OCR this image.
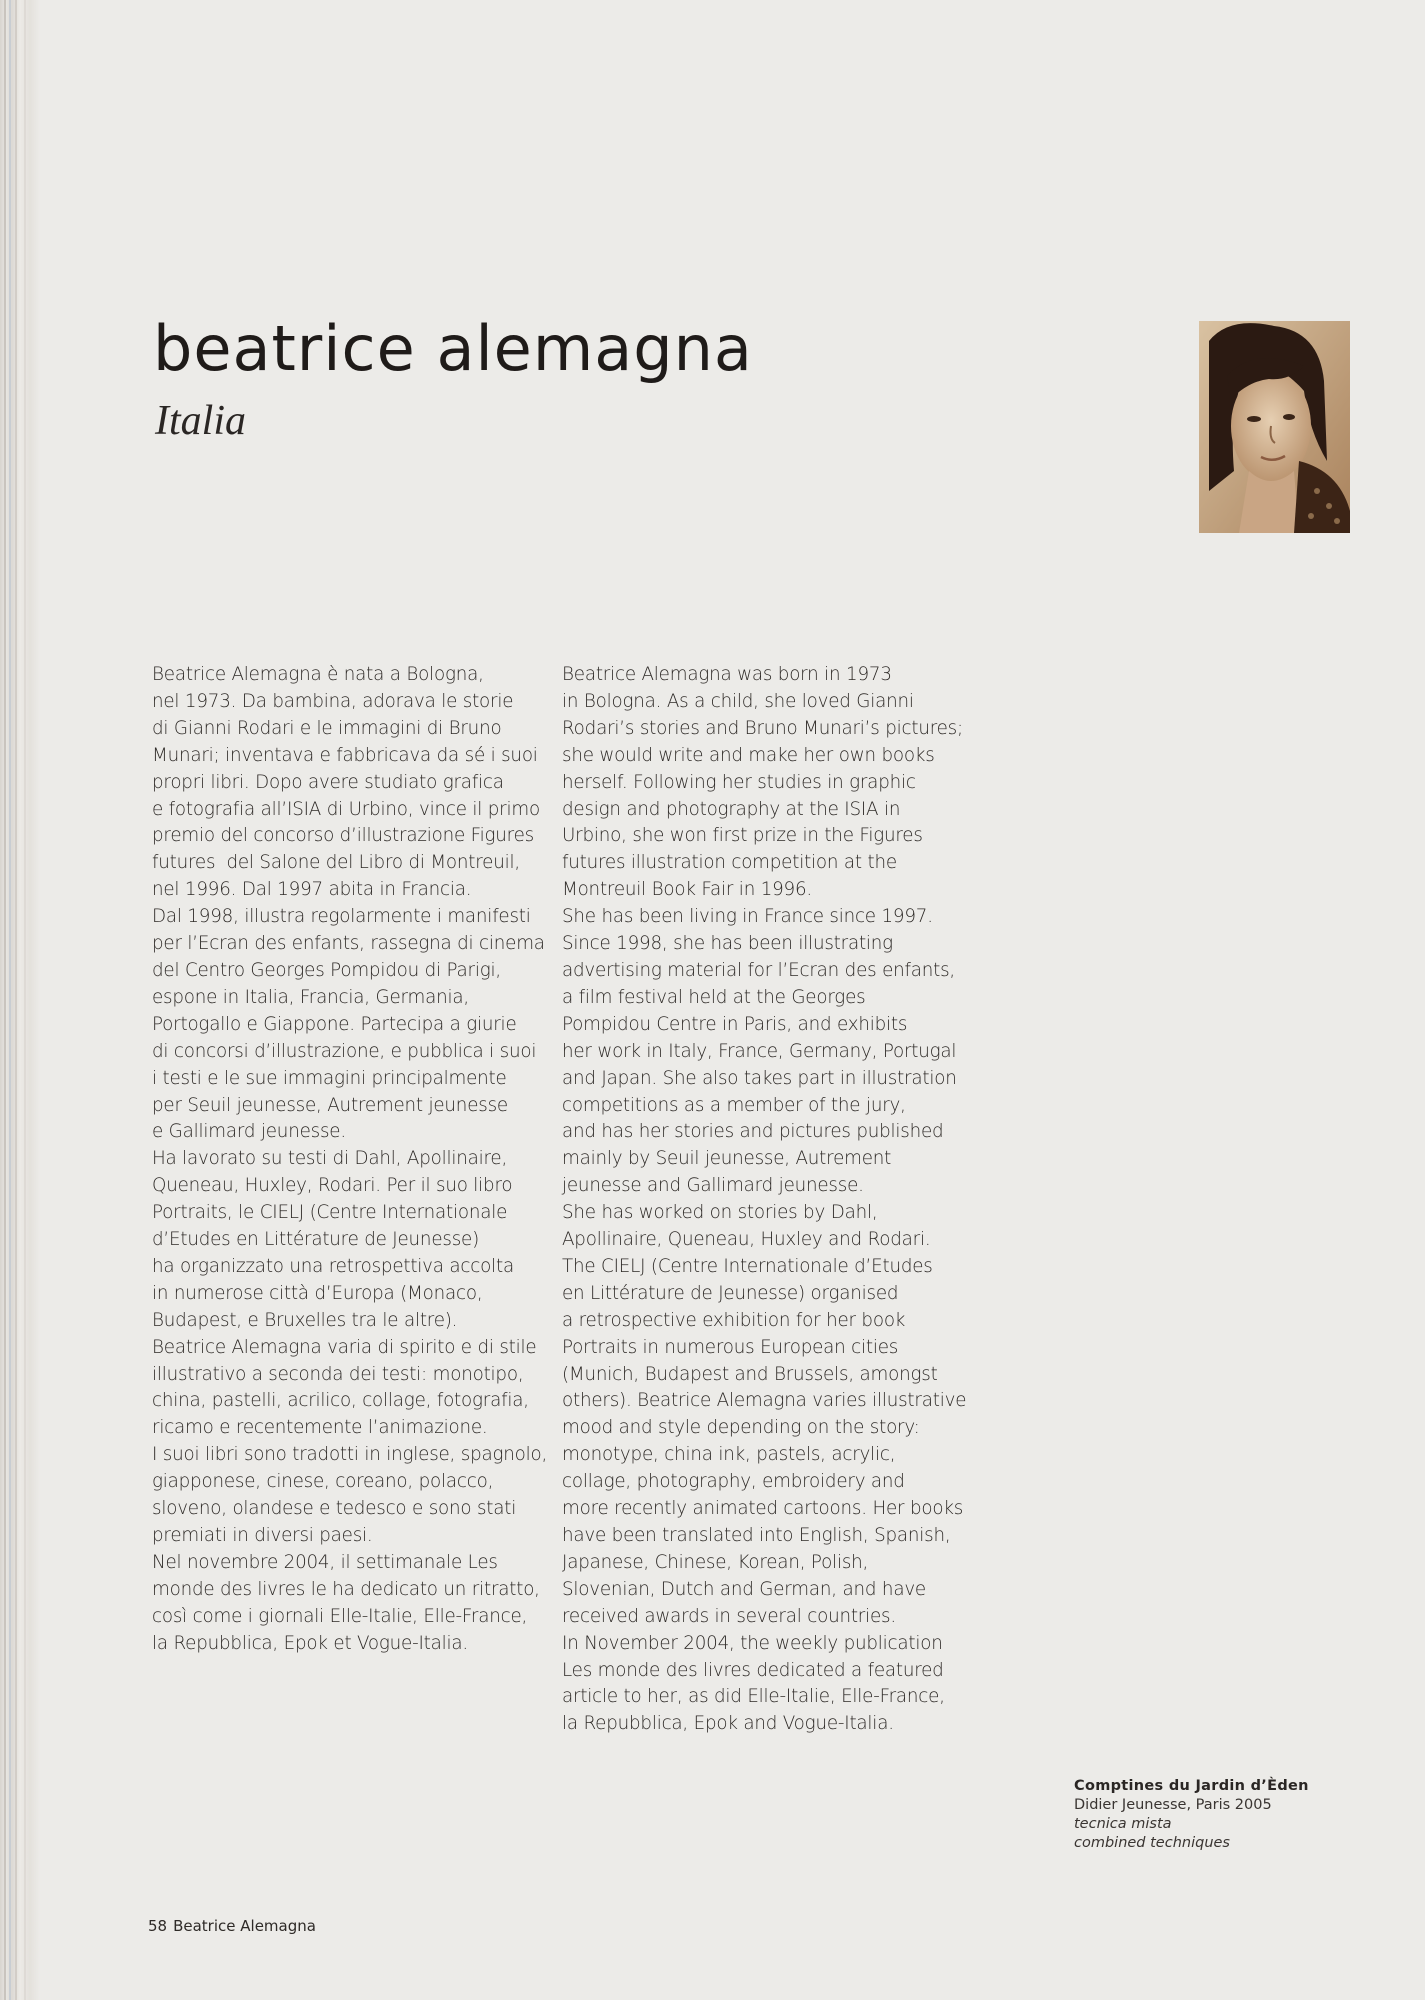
beatrice alemagna
Italia
Beatrice Alemagna è nata a Bologna,
nel 1973. Da bambina, adorava le storie
di Gianni Rodari e le immagini di Bruno
Munari; inventava e fabbricava da sé i suoi
propri libri. Dopo avere studiato grafica
e fotografia all’ISIA di Urbino, vince il primo
premio del concorso d’illustrazione Figures
futures  del Salone del Libro di Montreuil,
nel 1996. Dal 1997 abita in Francia.
Dal 1998, illustra regolarmente i manifesti
per l’Ecran des enfants, rassegna di cinema
del Centro Georges Pompidou di Parigi,
espone in Italia, Francia, Germania,
Portogallo e Giappone. Partecipa a giurie
di concorsi d’illustrazione, e pubblica i suoi
i testi e le sue immagini principalmente
per Seuil jeunesse, Autrement jeunesse
e Gallimard jeunesse.
Ha lavorato su testi di Dahl, Apollinaire,
Queneau, Huxley, Rodari. Per il suo libro
Portraits, le CIELJ (Centre Internationale
d’Etudes en Littérature de Jeunesse)
ha organizzato una retrospettiva accolta
in numerose città d’Europa (Monaco,
Budapest, e Bruxelles tra le altre).
Beatrice Alemagna varia di spirito e di stile
illustrativo a seconda dei testi: monotipo,
china, pastelli, acrilico, collage, fotografia,
ricamo e recentemente l’animazione.
I suoi libri sono tradotti in inglese, spagnolo,
giapponese, cinese, coreano, polacco,
sloveno, olandese e tedesco e sono stati
premiati in diversi paesi.
Nel novembre 2004, il settimanale Les
monde des livres le ha dedicato un ritratto,
così come i giornali Elle-Italie, Elle-France,
la Repubblica, Epok et Vogue-Italia.
Beatrice Alemagna was born in 1973
in Bologna. As a child, she loved Gianni
Rodari’s stories and Bruno Munari’s pictures;
she would write and make her own books
herself. Following her studies in graphic
design and photography at the ISIA in
Urbino, she won first prize in the Figures
futures illustration competition at the
Montreuil Book Fair in 1996.
She has been living in France since 1997.
Since 1998, she has been illustrating
advertising material for l’Ecran des enfants,
a film festival held at the Georges
Pompidou Centre in Paris, and exhibits
her work in Italy, France, Germany, Portugal
and Japan. She also takes part in illustration
competitions as a member of the jury,
and has her stories and pictures published
mainly by Seuil jeunesse, Autrement
jeunesse and Gallimard jeunesse.
She has worked on stories by Dahl,
Apollinaire, Queneau, Huxley and Rodari.
The CIELJ (Centre Internationale d’Etudes
en Littérature de Jeunesse) organised
a retrospective exhibition for her book
Portraits in numerous European cities
(Munich, Budapest and Brussels, amongst
others). Beatrice Alemagna varies illustrative
mood and style depending on the story:
monotype, china ink, pastels, acrylic,
collage, photography, embroidery and
more recently animated cartoons. Her books
have been translated into English, Spanish,
Japanese, Chinese, Korean, Polish,
Slovenian, Dutch and German, and have
received awards in several countries.
In November 2004, the weekly publication
Les monde des livres dedicated a featured
article to her, as did Elle-Italie, Elle-France,
la Repubblica, Epok and Vogue-Italia.
Comptines du Jardin d’Èden
Didier Jeunesse, Paris 2005
tecnica mista
combined techniques
58 Beatrice Alemagna
